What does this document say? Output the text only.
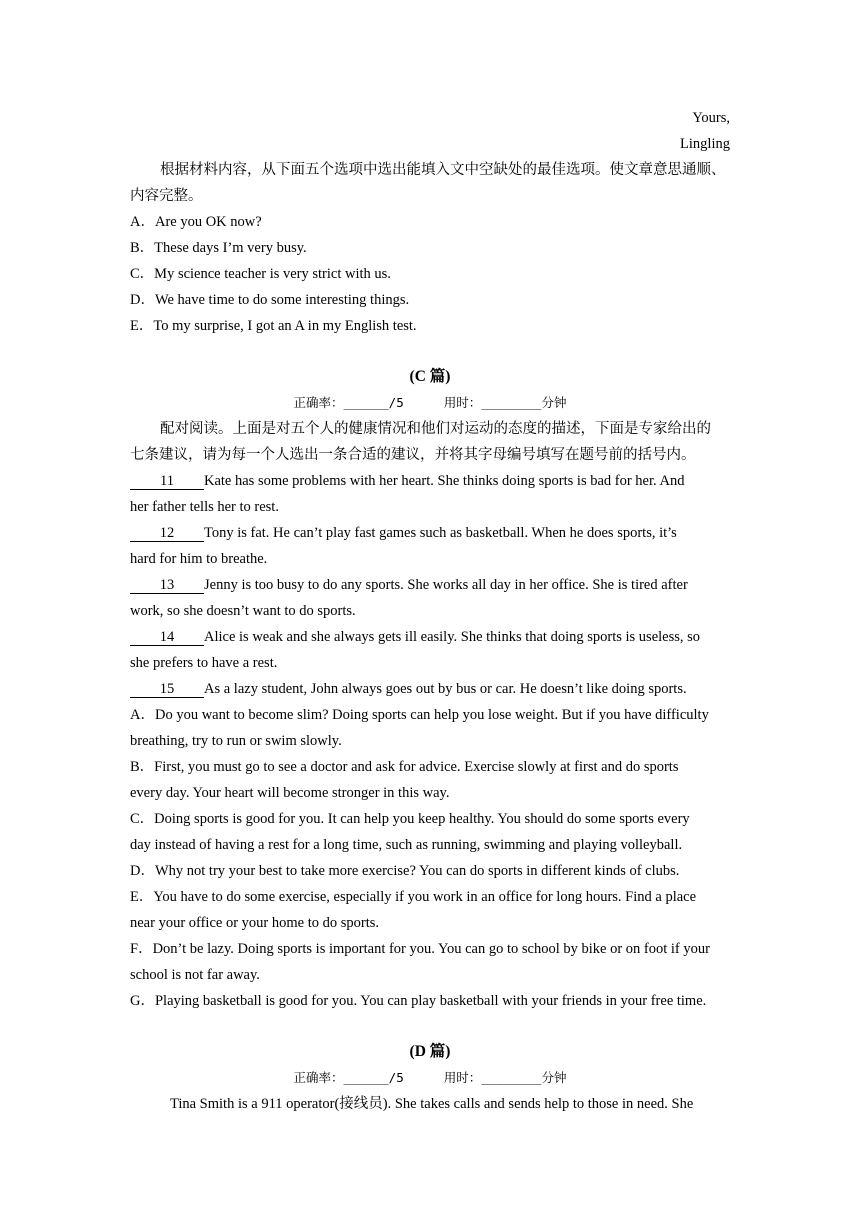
Yours,
Lingling
根据材料内容，从下面五个选项中选出能填入文中空缺处的最佳选项。使文章意思通顺、
内容完整。
A．Are you OK now?
B．These days I’m very busy.
C．My science teacher is very strict with us.
D．We have time to do some interesting things.
E．To my surprise, I got an A in my English test.
(C 篇)
正确率：______/5	用时：________分钟
配对阅读。上面是对五个人的健康情况和他们对运动的态度的描述，下面是专家给出的
七条建议，请为每一个人选出一条合适的建议，并将其字母编号填写在题号前的括号内。
11 Kate has some problems with her heart. She thinks doing sports is bad for her. And
her father tells her to rest.
12 Tony is fat. He can’t play fast games such as basketball. When he does sports, it’s
hard for him to breathe.
13 Jenny is too busy to do any sports. She works all day in her office. She is tired after
work, so she doesn’t want to do sports.
14 Alice is weak and she always gets ill easily. She thinks that doing sports is useless, so
she prefers to have a rest.
15 As a lazy student, John always goes out by bus or car. He doesn’t like doing sports.
A．Do you want to become slim? Doing sports can help you lose weight. But if you have difficulty
breathing, try to run or swim slowly.
B．First, you must go to see a doctor and ask for advice. Exercise slowly at first and do sports
every day. Your heart will become stronger in this way.
C．Doing sports is good for you. It can help you keep healthy. You should do some sports every
day instead of having a rest for a long time, such as running, swimming and playing volleyball.
D．Why not try your best to take more exercise? You can do sports in different kinds of clubs.
E．You have to do some exercise, especially if you work in an office for long hours. Find a place
near your office or your home to do sports.
F．Don’t be lazy. Doing sports is important for you. You can go to school by bike or on foot if your
school is not far away.
G．Playing basketball is good for you. You can play basketball with your friends in your free time.
(D 篇)
正确率：______/5	用时：________分钟
Tina Smith is a 911 operator(接线员). She takes calls and sends help to those in need. She
